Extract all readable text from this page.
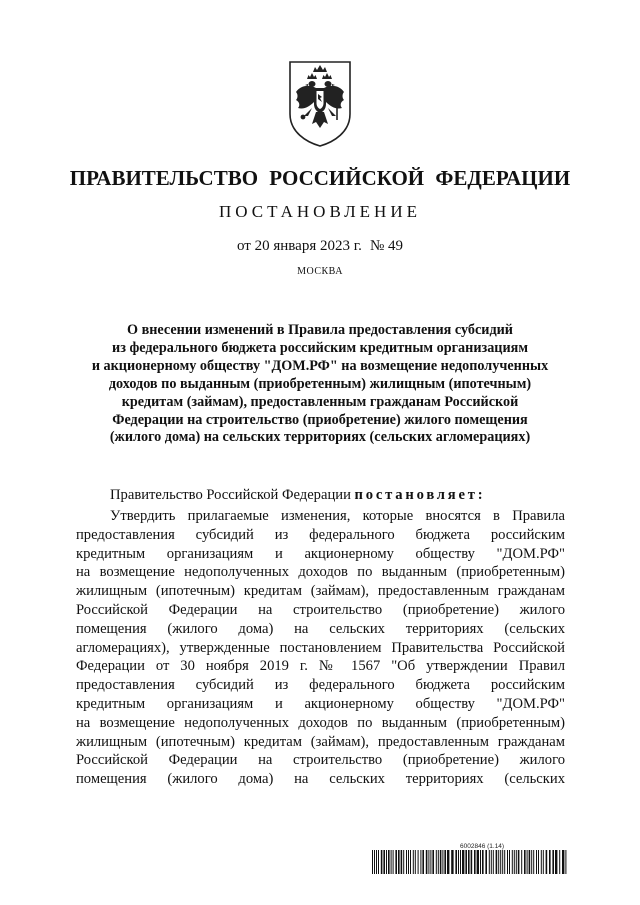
ПРАВИТЕЛЬСТВО РОССИЙСКОЙ ФЕДЕРАЦИИ
ПОСТАНОВЛЕНИЕ
от 20 января 2023 г. № 49
МОСКВА
О внесении изменений в Правила предоставления субсидий
из федерального бюджета российским кредитным организациям
и акционерному обществу "ДОМ.РФ" на возмещение недополученных
доходов по выданным (приобретенным) жилищным (ипотечным)
кредитам (займам), предоставленным гражданам Российской
Федерации на строительство (приобретение) жилого помещения
(жилого дома) на сельских территориях (сельских агломерациях)
Правительство Российской Федерации постановляет:
Утвердить прилагаемые изменения, которые вносятся в Правила
предоставления субсидий из федерального бюджета российским
кредитным организациям и акционерному обществу "ДОМ.РФ"
на возмещение недополученных доходов по выданным (приобретенным)
жилищным (ипотечным) кредитам (займам), предоставленным гражданам
Российской Федерации на строительство (приобретение) жилого
помещения (жилого дома) на сельских территориях (сельских
агломерациях), утвержденные постановлением Правительства Российской
Федерации от 30 ноября 2019 г. № 1567 "Об утверждении Правил
предоставления субсидий из федерального бюджета российским
кредитным организациям и акционерному обществу "ДОМ.РФ"
на возмещение недополученных доходов по выданным (приобретенным)
жилищным (ипотечным) кредитам (займам), предоставленным гражданам
Российской Федерации на строительство (приобретение) жилого
помещения (жилого дома) на сельских территориях (сельских
6002846 (1.14)
